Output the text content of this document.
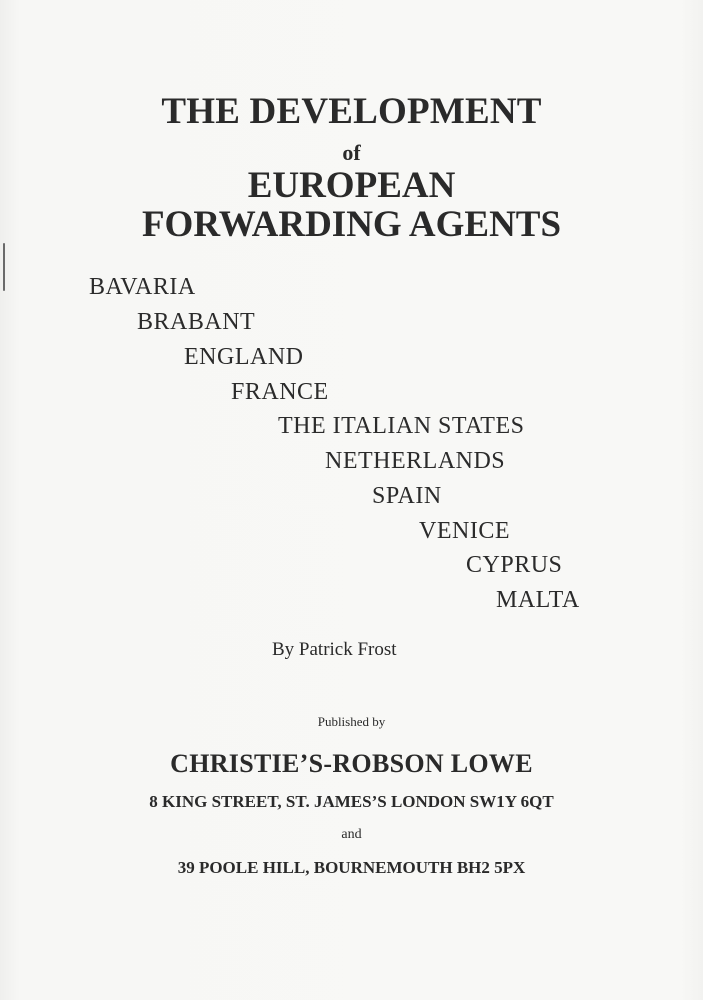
THE DEVELOPMENT
of
EUROPEAN
FORWARDING AGENTS
BAVARIA
BRABANT
ENGLAND
FRANCE
THE ITALIAN STATES
NETHERLANDS
SPAIN
VENICE
CYPRUS
MALTA
By Patrick Frost
Published by
CHRISTIE’S-ROBSON LOWE
8 KING STREET, ST. JAMES’S LONDON SW1Y 6QT
and
39 POOLE HILL, BOURNEMOUTH BH2 5PX
